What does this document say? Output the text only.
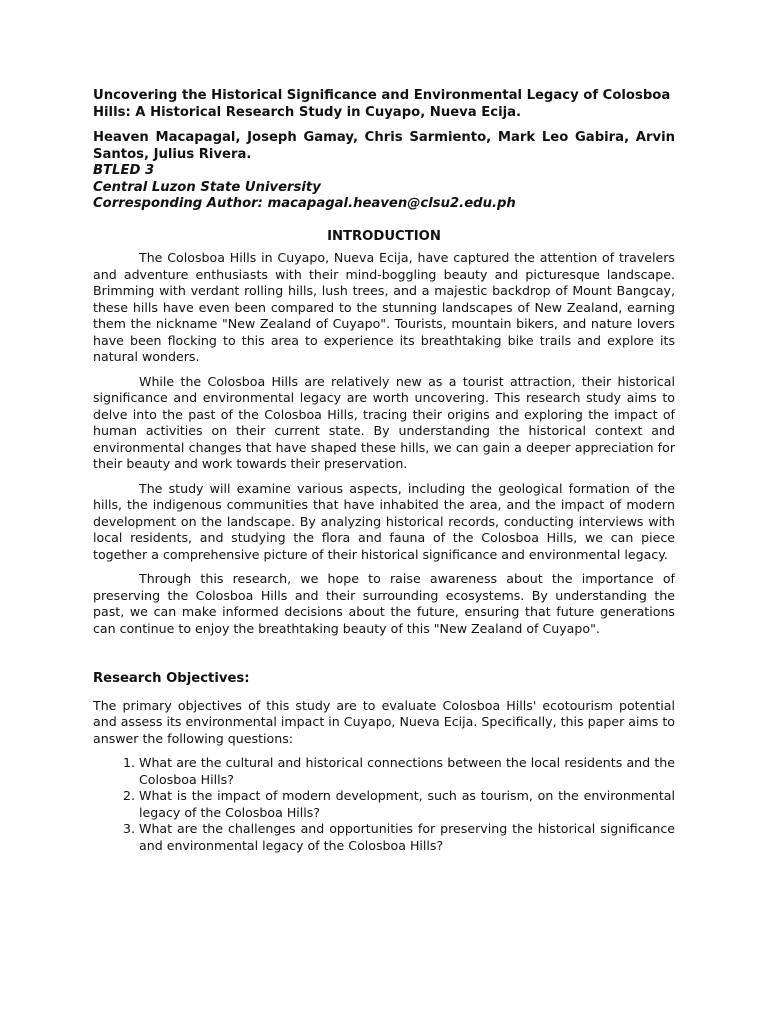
Uncovering the Historical Significance and Environmental Legacy of Colosboa Hills: A Historical Research Study in Cuyapo, Nueva Ecija.

Heaven Macapagal, Joseph Gamay, Chris Sarmiento, Mark Leo Gabira, Arvin Santos, Julius Rivera.

BTLED 3

Central Luzon State University

Corresponding Author: macapagal.heaven@clsu2.edu.ph

INTRODUCTION

The Colosboa Hills in Cuyapo, Nueva Ecija, have captured the attention of travelers and adventure enthusiasts with their mind-boggling beauty and picturesque landscape. Brimming with verdant rolling hills, lush trees, and a majestic backdrop of Mount Bangcay, these hills have even been compared to the stunning landscapes of New Zealand, earning them the nickname "New Zealand of Cuyapo". Tourists, mountain bikers, and nature lovers have been flocking to this area to experience its breathtaking bike trails and explore its natural wonders.

While the Colosboa Hills are relatively new as a tourist attraction, their historical significance and environmental legacy are worth uncovering. This research study aims to delve into the past of the Colosboa Hills, tracing their origins and exploring the impact of human activities on their current state. By understanding the historical context and environmental changes that have shaped these hills, we can gain a deeper appreciation for their beauty and work towards their preservation.

The study will examine various aspects, including the geological formation of the hills, the indigenous communities that have inhabited the area, and the impact of modern development on the landscape. By analyzing historical records, conducting interviews with local residents, and studying the flora and fauna of the Colosboa Hills, we can piece together a comprehensive picture of their historical significance and environmental legacy.

Through this research, we hope to raise awareness about the importance of preserving the Colosboa Hills and their surrounding ecosystems. By understanding the past, we can make informed decisions about the future, ensuring that future generations can continue to enjoy the breathtaking beauty of this "New Zealand of Cuyapo".

Research Objectives:

The primary objectives of this study are to evaluate Colosboa Hills' ecotourism potential and assess its environmental impact in Cuyapo, Nueva Ecija. Specifically, this paper aims to answer the following questions:

1. What are the cultural and historical connections between the local residents and the Colosboa Hills?
2. What is the impact of modern development, such as tourism, on the environmental legacy of the Colosboa Hills?
3. What are the challenges and opportunities for preserving the historical significance and environmental legacy of the Colosboa Hills?
